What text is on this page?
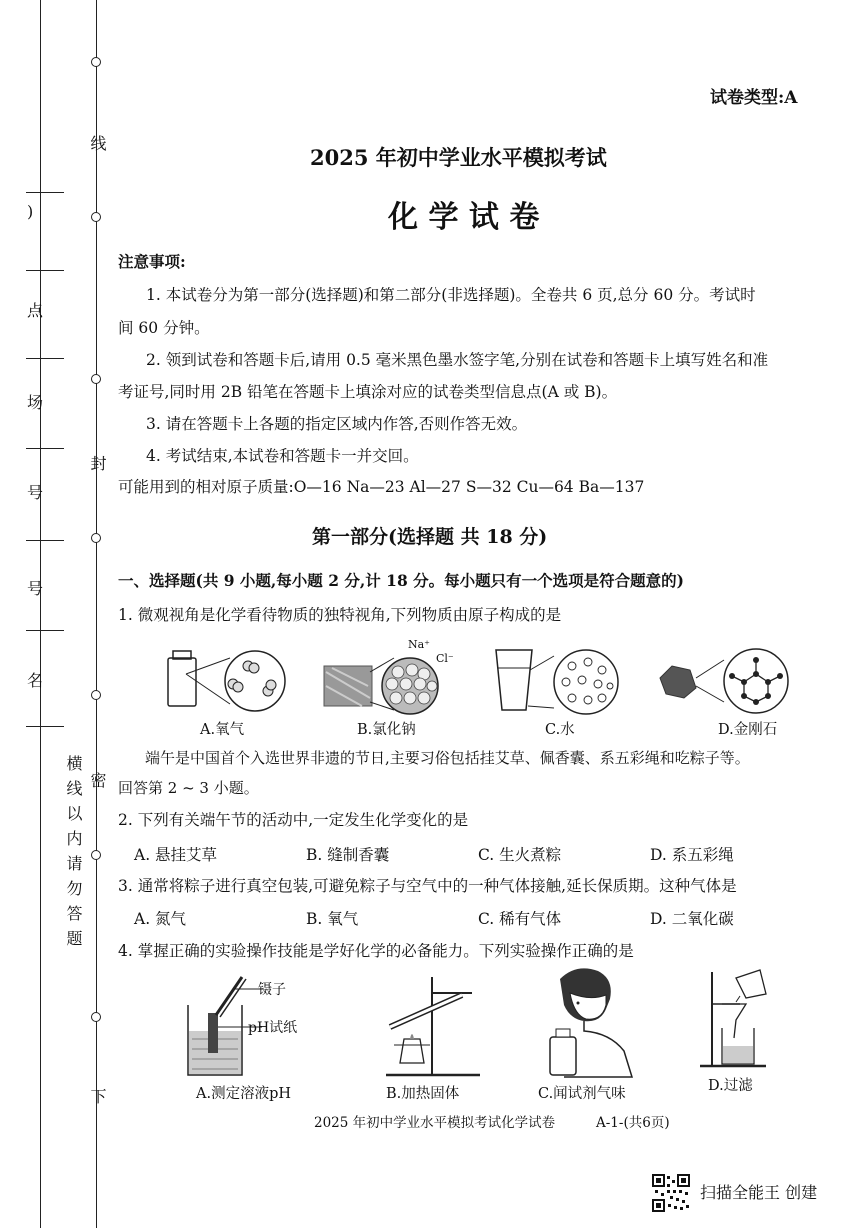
线
封
密
下
横线以内请勿答题
)
点
场
号
号
名
试卷类型:A
2025 年初中学业水平模拟考试
化 学 试 卷
注意事项:
1. 本试卷分为第一部分(选择题)和第二部分(非选择题)。全卷共 6 页,总分 60 分。考试时
间 60 分钟。
2. 领到试卷和答题卡后,请用 0.5 毫米黑色墨水签字笔,分别在试卷和答题卡上填写姓名和准
考证号,同时用 2B 铅笔在答题卡上填涂对应的试卷类型信息点(A 或 B)。
3. 请在答题卡上各题的指定区域内作答,否则作答无效。
4. 考试结束,本试卷和答题卡一并交回。
可能用到的相对原子质量:O—16 Na—23 Al—27 S—32 Cu—64 Ba—137
第一部分(选择题 共 18 分)
一、选择题(共 9 小题,每小题 2 分,计 18 分。每小题只有一个选项是符合题意的)
1. 微观视角是化学看待物质的独特视角,下列物质由原子构成的是
A.氧气
Na⁺
Cl⁻
B.氯化钠	C.水	D.金刚石
端午是中国首个入选世界非遗的节日,主要习俗包括挂艾草、佩香囊、系五彩绳和吃粽子等。
回答第 2 ~ 3 小题。
2. 下列有关端午节的活动中,一定发生化学变化的是
A. 悬挂艾草	B. 缝制香囊	C. 生火煮粽	D. 系五彩绳
3. 通常将粽子进行真空包装,可避免粽子与空气中的一种气体接触,延长保质期。这种气体是
A. 氮气	B. 氧气	C. 稀有气体	D. 二氧化碳
4. 掌握正确的实验操作技能是学好化学的必备能力。下列实验操作正确的是
镊子
pH试纸
A.测定溶液pH	B.加热固体	C.闻试剂气味	D.过滤
2025 年初中学业水平模拟考试化学试卷	A-1-(共6页)
扫描全能王 创建
